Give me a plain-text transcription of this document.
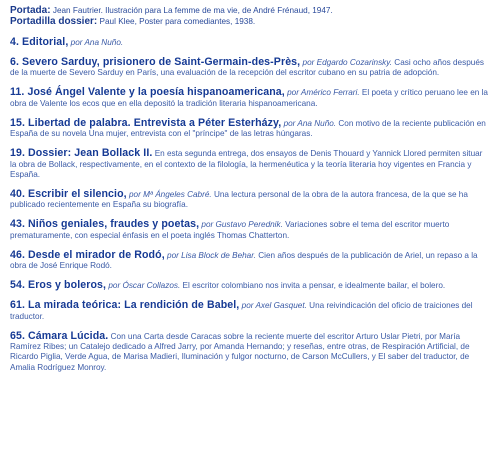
Portada: Jean Fautrier. Ilustración para La femme de ma vie, de André Frénaud, 1947.
Portadilla dossier: Paul Klee, Poster para comediantes, 1938.
4. Editorial, por Ana Nuño.
6. Severo Sarduy, prisionero de Saint-Germain-des-Près, por Edgardo Cozarinsky. Casi ocho años después de la muerte de Severo Sarduy en París, una evaluación de la recepción del escritor cubano en su patria de adopción.
11. José Ángel Valente y la poesía hispanoamericana, por Américo Ferrari. El poeta y crítico peruano lee en la obra de Valente los ecos que en ella depositó la tradición literaria hispanoamericana.
15. Libertad de palabra. Entrevista a Péter Esterházy, por Ana Nuño. Con motivo de la reciente publicación en España de su novela Una mujer, entrevista con el "príncipe" de las letras húngaras.
19. Dossier: Jean Bollack II. En esta segunda entrega, dos ensayos de Denis Thouard y Yannick Llored permiten situar la obra de Bollack, respectivamente, en el contexto de la filología, la hermenéutica y la teoría literaria hoy vigentes en Francia y España.
40. Escribir el silencio, por Mª Ángeles Cabré. Una lectura personal de la obra de la autora francesa, de la que se ha publicado recientemente en España su biografía.
43. Niños geniales, fraudes y poetas, por Gustavo Perednik. Variaciones sobre el tema del escritor muerto prematuramente, con especial énfasis en el poeta inglés Thomas Chatterton.
46. Desde el mirador de Rodó, por Lisa Block de Behar. Cien años después de la publicación de Ariel, un repaso a la obra de José Enrique Rodó.
54. Eros y boleros, por Óscar Collazos. El escritor colombiano nos invita a pensar, e idealmente bailar, el bolero.
61. La mirada teórica: La rendición de Babel, por Axel Gasquet. Una reivindicación del oficio de traiciones del traductor.
65. Cámara Lúcida. Con una Carta desde Caracas sobre la reciente muerte del escritor Arturo Uslar Pietri, por María Ramírez Ribes; un Catalejo dedicado a Alfred Jarry, por Amanda Hernando; y reseñas, entre otras, de Respiración Artificial, de Ricardo Piglia, Verde Agua, de Marisa Madieri, Iluminación y fulgor nocturno, de Carson McCullers, y El saber del traductor, de Amalia Rodríguez Monroy.
